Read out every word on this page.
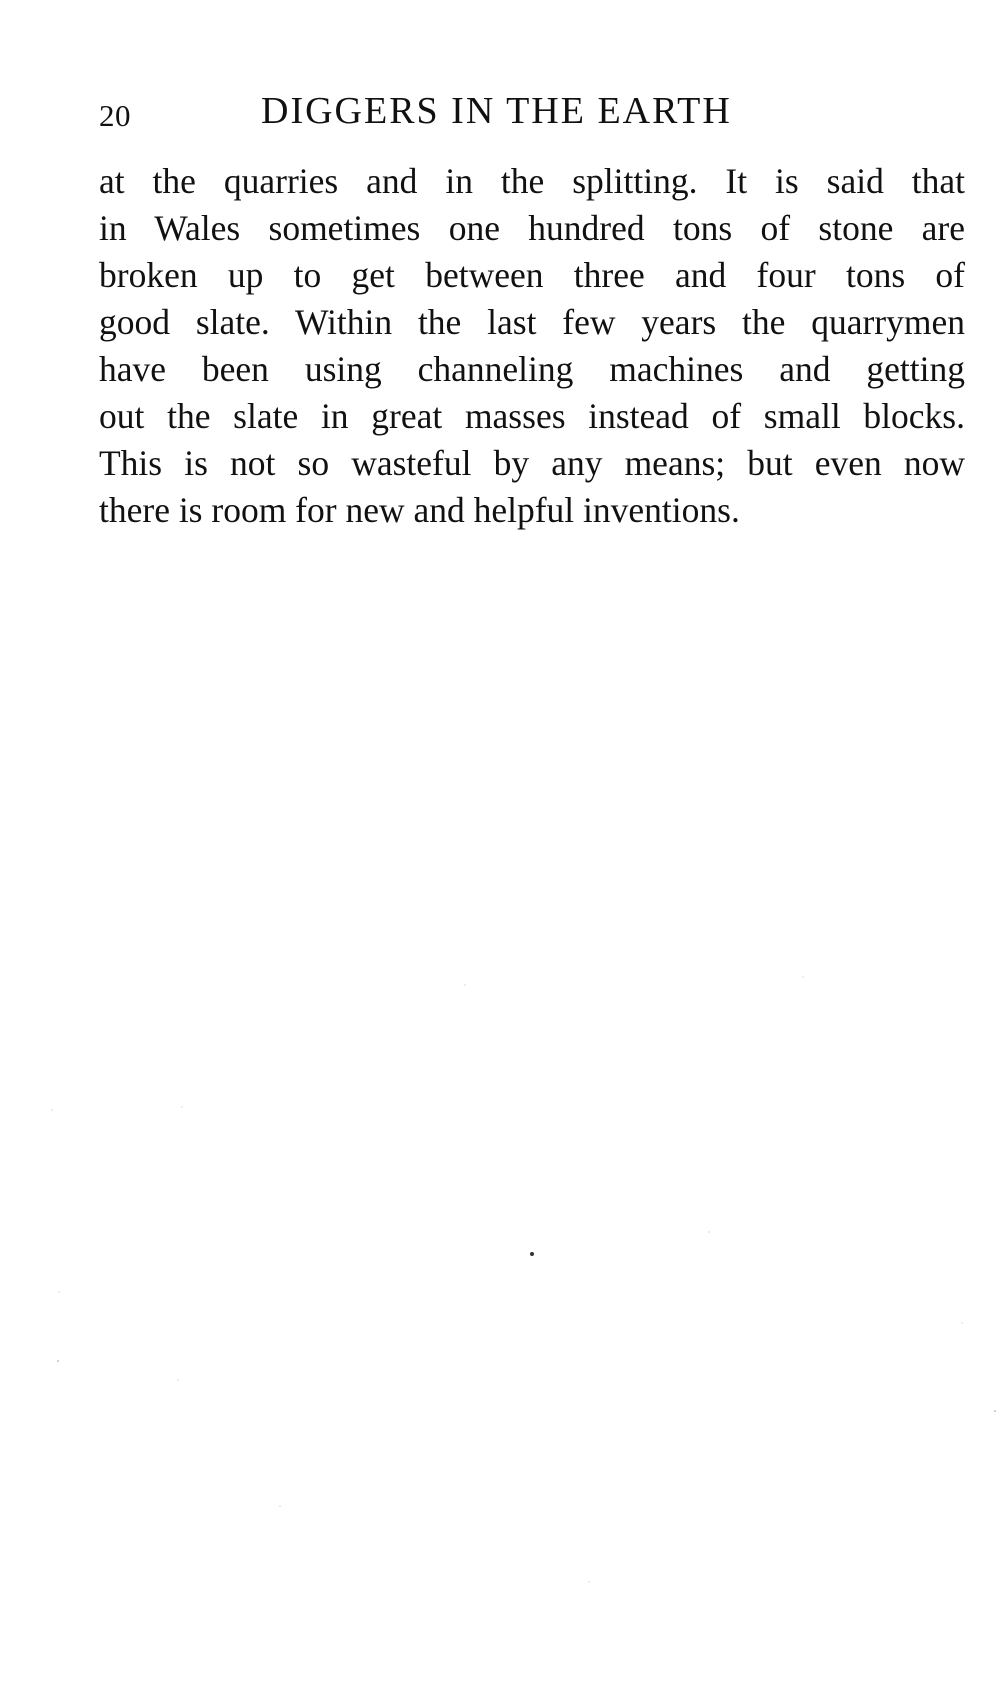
20	DIGGERS IN THE EARTH

at the quarries and in the splitting. It is said that
in Wales sometimes one hundred tons of stone are
broken up to get between three and four tons of
good slate. Within the last few years the quarrymen
have been using channeling machines and getting
out the slate in great masses instead of small blocks.
This is not so wasteful by any means; but even now
there is room for new and helpful inventions.
